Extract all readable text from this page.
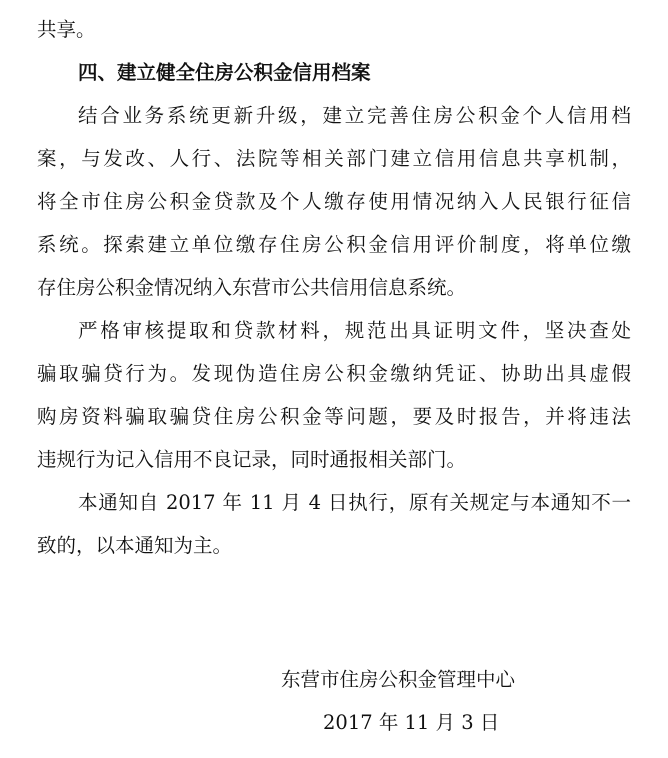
共享。
四、建立健全住房公积金信用档案
结合业务系统更新升级，建立完善住房公积金个人信用档
案，与发改、人行、法院等相关部门建立信用信息共享机制，
将全市住房公积金贷款及个人缴存使用情况纳入人民银行征信
系统。探索建立单位缴存住房公积金信用评价制度，将单位缴
存住房公积金情况纳入东营市公共信用信息系统。
严格审核提取和贷款材料，规范出具证明文件，坚决查处
骗取骗贷行为。发现伪造住房公积金缴纳凭证、协助出具虚假
购房资料骗取骗贷住房公积金等问题，要及时报告，并将违法
违规行为记入信用不良记录，同时通报相关部门。
本通知自 2017 年 11 月 4 日执行，原有关规定与本通知不一
致的，以本通知为主。
东营市住房公积金管理中心
2017 年 11 月 3 日
